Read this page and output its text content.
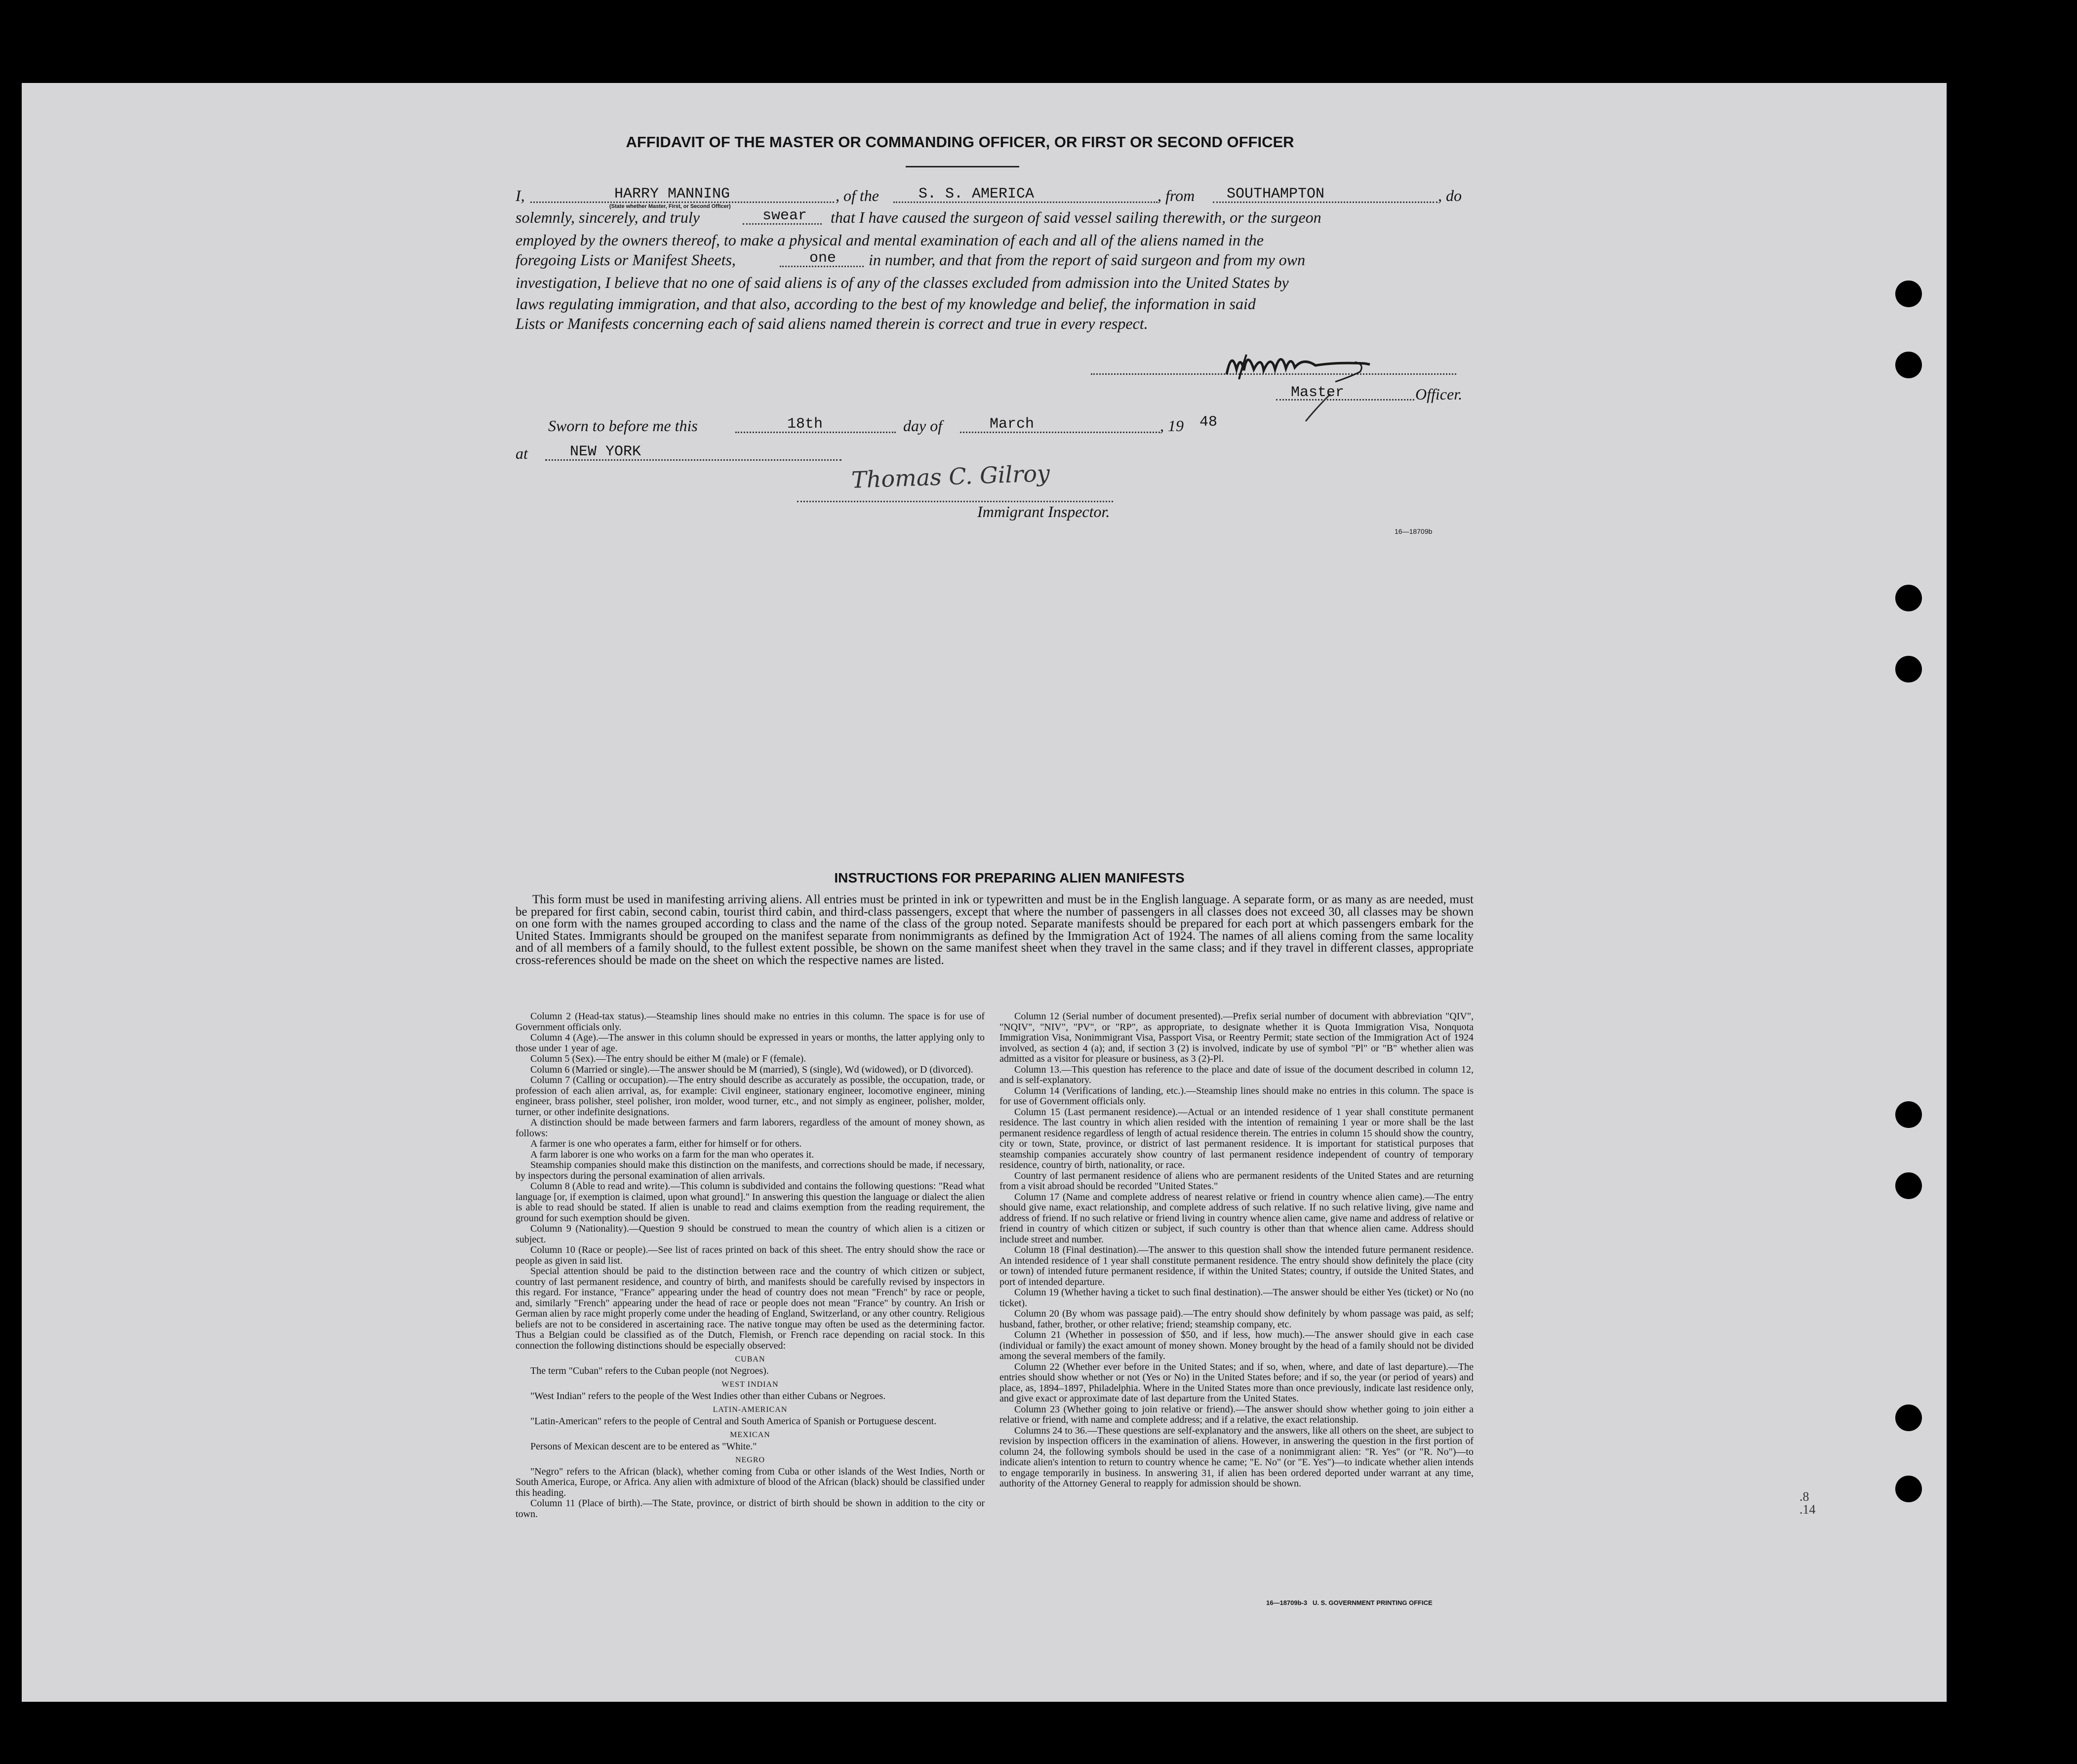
AFFIDAVIT OF THE MASTER OR COMMANDING OFFICER, OR FIRST OR SECOND OFFICER
I,	HARRY MANNING	, of the	S. S. AMERICA	, from SOUTHAMPTON	, do
(State whether Master, First, or Second Officer)
solemnly, sincerely, and truly	swear that I have caused the surgeon of said vessel sailing therewith, or the surgeon
employed by the owners thereof, to make a physical and mental examination of each and all of the aliens named in the
foregoing Lists or Manifest Sheets,	one in number, and that from the report of said surgeon and from my own
investigation, I believe that no one of said aliens is of any of the classes excluded from admission into the United States by
laws regulating immigration, and that also, according to the best of my knowledge and belief, the information in said
Lists or Manifests concerning each of said aliens named therein is correct and true in every respect.
Master	Officer.
Sworn to before me this	18th	day of	March	, 19 48
at	NEW YORK
Thomas C. Gilroy
Immigrant Inspector.
16—18709b
INSTRUCTIONS FOR PREPARING ALIEN MANIFESTS
This form must be used in manifesting arriving aliens. All entries must be printed in ink or typewritten and must be in the English language. A separate form, or as many as are needed, must be prepared for first cabin, second cabin, tourist third cabin, and third-class passengers, except that where the number of passengers in all classes does not exceed 30, all classes may be shown on one form with the names grouped according to class and the name of the class of the group noted. Separate manifests should be prepared for each port at which passengers embark for the United States. Immigrants should be grouped on the manifest separate from nonimmigrants as defined by the Immigration Act of 1924. The names of all aliens coming from the same locality and of all members of a family should, to the fullest extent possible, be shown on the same manifest sheet when they travel in the same class; and if they travel in different classes, appropriate cross-references should be made on the sheet on which the respective names are listed.

Column 2 (Head-tax status).—Steamship lines should make no entries in this column. The space is for use of Government officials only.

Column 4 (Age).—The answer in this column should be expressed in years or months, the latter applying only to those under 1 year of age.

Column 5 (Sex).—The entry should be either M (male) or F (female).

Column 6 (Married or single).—The answer should be M (married), S (single), Wd (widowed), or D (divorced).

Column 7 (Calling or occupation).—The entry should describe as accurately as possible, the occupation, trade, or profession of each alien arrival, as, for example: Civil engineer, stationary engineer, locomotive engineer, mining engineer, brass polisher, steel polisher, iron molder, wood turner, etc., and not simply as engineer, polisher, molder, turner, or other indefinite designations.

A distinction should be made between farmers and farm laborers, regardless of the amount of money shown, as follows:

A farmer is one who operates a farm, either for himself or for others.

A farm laborer is one who works on a farm for the man who operates it.

Steamship companies should make this distinction on the manifests, and corrections should be made, if necessary, by inspectors during the personal examination of alien arrivals.

Column 8 (Able to read and write).—This column is subdivided and contains the following questions: "Read what language [or, if exemption is claimed, upon what ground]." In answering this question the language or dialect the alien is able to read should be stated. If alien is unable to read and claims exemption from the reading requirement, the ground for such exemption should be given.

Column 9 (Nationality).—Question 9 should be construed to mean the country of which alien is a citizen or subject.

Column 10 (Race or people).—See list of races printed on back of this sheet. The entry should show the race or people as given in said list.

Special attention should be paid to the distinction between race and the country of which citizen or subject, country of last permanent residence, and country of birth, and manifests should be carefully revised by inspectors in this regard. For instance, "France" appearing under the head of country does not mean "French" by race or people, and, similarly "French" appearing under the head of race or people does not mean "France" by country. An Irish or German alien by race might properly come under the heading of England, Switzerland, or any other country. Religious beliefs are not to be considered in ascertaining race. The native tongue may often be used as the determining factor. Thus a Belgian could be classified as of the Dutch, Flemish, or French race depending on racial stock. In this connection the following distinctions should be especially observed:

CUBAN

The term "Cuban" refers to the Cuban people (not Negroes).

WEST INDIAN

"West Indian" refers to the people of the West Indies other than either Cubans or Negroes.

LATIN-AMERICAN

"Latin-American" refers to the people of Central and South America of Spanish or Portuguese descent.

MEXICAN

Persons of Mexican descent are to be entered as "White."

NEGRO

"Negro" refers to the African (black), whether coming from Cuba or other islands of the West Indies, North or South America, Europe, or Africa. Any alien with admixture of blood of the African (black) should be classified under this heading.

Column 11 (Place of birth).—The State, province, or district of birth should be shown in addition to the city or town.

Column 12 (Serial number of document presented).—Prefix serial number of document with abbreviation "QIV", "NQIV", "NIV", "PV", or "RP", as appropriate, to designate whether it is Quota Immigration Visa, Nonquota Immigration Visa, Nonimmigrant Visa, Passport Visa, or Reentry Permit; state section of the Immigration Act of 1924 involved, as section 4 (a); and, if section 3 (2) is involved, indicate by use of symbol "Pl" or "B" whether alien was admitted as a visitor for pleasure or business, as 3 (2)-Pl.

Column 13.—This question has reference to the place and date of issue of the document described in column 12, and is self-explanatory.

Column 14 (Verifications of landing, etc.).—Steamship lines should make no entries in this column. The space is for use of Government officials only.

Column 15 (Last permanent residence).—Actual or an intended residence of 1 year shall constitute permanent residence. The last country in which alien resided with the intention of remaining 1 year or more shall be the last permanent residence regardless of length of actual residence therein. The entries in column 15 should show the country, city or town, State, province, or district of last permanent residence. It is important for statistical purposes that steamship companies accurately show country of last permanent residence independent of country of temporary residence, country of birth, nationality, or race.

Country of last permanent residence of aliens who are permanent residents of the United States and are returning from a visit abroad should be recorded "United States."

Column 17 (Name and complete address of nearest relative or friend in country whence alien came).—The entry should give name, exact relationship, and complete address of such relative. If no such relative living, give name and address of friend. If no such relative or friend living in country whence alien came, give name and address of relative or friend in country of which citizen or subject, if such country is other than that whence alien came. Address should include street and number.

Column 18 (Final destination).—The answer to this question shall show the intended future permanent residence. An intended residence of 1 year shall constitute permanent residence. The entry should show definitely the place (city or town) of intended future permanent residence, if within the United States; country, if outside the United States, and port of intended departure.

Column 19 (Whether having a ticket to such final destination).—The answer should be either Yes (ticket) or No (no ticket).

Column 20 (By whom was passage paid).—The entry should show definitely by whom passage was paid, as self; husband, father, brother, or other relative; friend; steamship company, etc.

Column 21 (Whether in possession of $50, and if less, how much).—The answer should give in each case (individual or family) the exact amount of money shown. Money brought by the head of a family should not be divided among the several members of the family.

Column 22 (Whether ever before in the United States; and if so, when, where, and date of last departure).—The entries should show whether or not (Yes or No) in the United States before; and if so, the year (or period of years) and place, as, 1894–1897, Philadelphia. Where in the United States more than once previously, indicate last residence only, and give exact or approximate date of last departure from the United States.

Column 23 (Whether going to join relative or friend).—The answer should show whether going to join either a relative or friend, with name and complete address; and if a relative, the exact relationship.

Columns 24 to 36.—These questions are self-explanatory and the answers, like all others on the sheet, are subject to revision by inspection officers in the examination of aliens. However, in answering the question in the first portion of column 24, the following symbols should be used in the case of a nonimmigrant alien: "R. Yes" (or "R. No")—to indicate alien's intention to return to country whence he came; "E. No" (or "E. Yes")—to indicate whether alien intends to engage temporarily in business. In answering 31, if alien has been ordered deported under warrant at any time, authority of the Attorney General to reapply for admission should be shown.

16—18709b-3   U. S. GOVERNMENT PRINTING OFFICE
.8
.14
